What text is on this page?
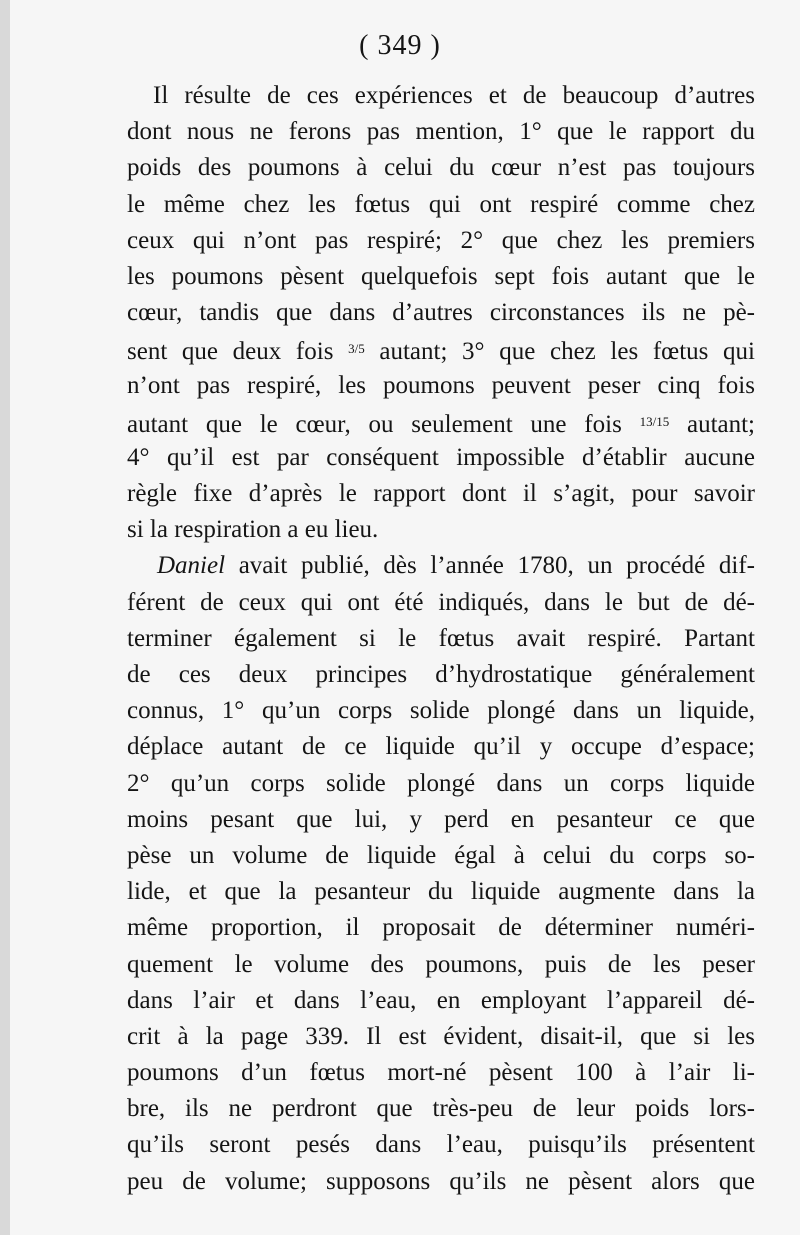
( 349 )
Il résulte de ces expériences et de beaucoup d’autres
dont nous ne ferons pas mention, 1° que le rapport du
poids des poumons à celui du cœur n’est pas toujours
le même chez les fœtus qui ont respiré comme chez
ceux qui n’ont pas respiré; 2° que chez les premiers
les poumons pèsent quelquefois sept fois autant que le
cœur, tandis que dans d’autres circonstances ils ne pè-
sent que deux fois $^{3/5}$ autant; 3° que chez les fœtus qui
n’ont pas respiré, les poumons peuvent peser cinq fois
autant que le cœur, ou seulement une fois $^{13/15}$ autant;
4° qu’il est par conséquent impossible d’établir aucune
règle fixe d’après le rapport dont il s’agit, pour savoir
si la respiration a eu lieu.
Daniel avait publié, dès l’année 1780, un procédé dif-
férent de ceux qui ont été indiqués, dans le but de dé-
terminer également si le fœtus avait respiré. Partant
de ces deux principes d’hydrostatique généralement
connus, 1° qu’un corps solide plongé dans un liquide,
déplace autant de ce liquide qu’il y occupe d’espace;
2° qu’un corps solide plongé dans un corps liquide
moins pesant que lui, y perd en pesanteur ce que
pèse un volume de liquide égal à celui du corps so-
lide, et que la pesanteur du liquide augmente dans la
même proportion, il proposait de déterminer numéri-
quement le volume des poumons, puis de les peser
dans l’air et dans l’eau, en employant l’appareil dé-
crit à la page 339. Il est évident, disait-il, que si les
poumons d’un fœtus mort-né pèsent 100 à l’air li-
bre, ils ne perdront que très-peu de leur poids lors-
qu’ils seront pesés dans l’eau, puisqu’ils présentent
peu de volume; supposons qu’ils ne pèsent alors que
